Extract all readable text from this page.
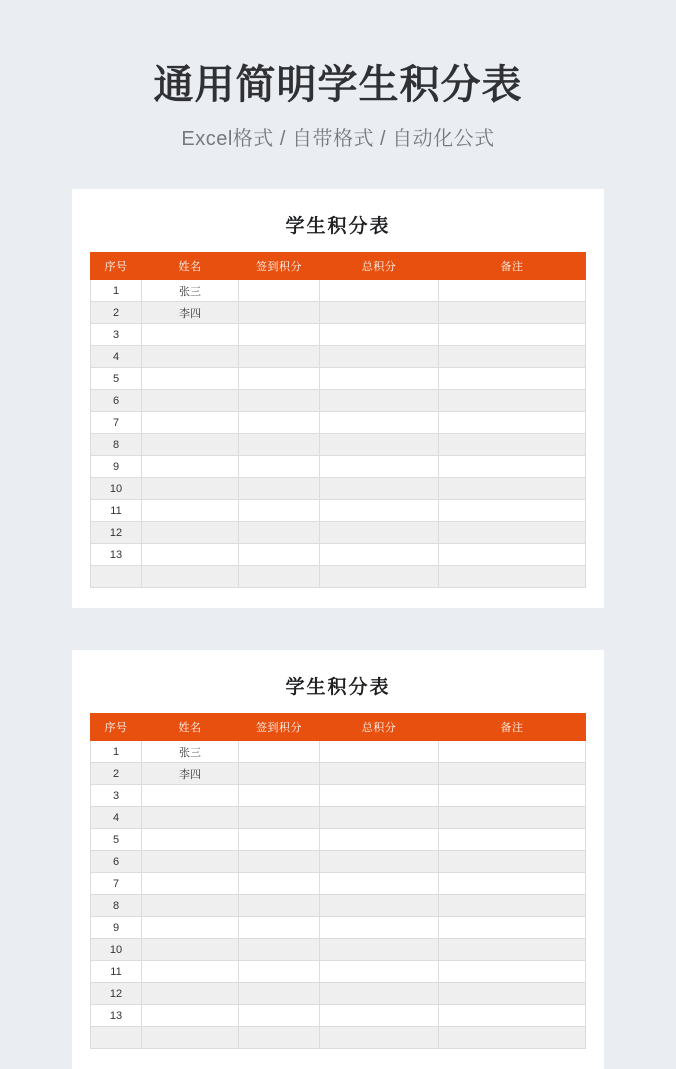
通用简明学生积分表

Excel格式 / 自带格式 / 自动化公式

学生积分表
序号	姓名	签到积分	总积分	备注
1	张三			
2	李四			
3				
4				
5				
6				
7				
8				
9				
10				
11				
12				
13				

学生积分表
序号	姓名	签到积分	总积分	备注
1	张三			
2	李四			
3				
4				
5				
6				
7				
8				
9				
10				
11				
12				
13				
